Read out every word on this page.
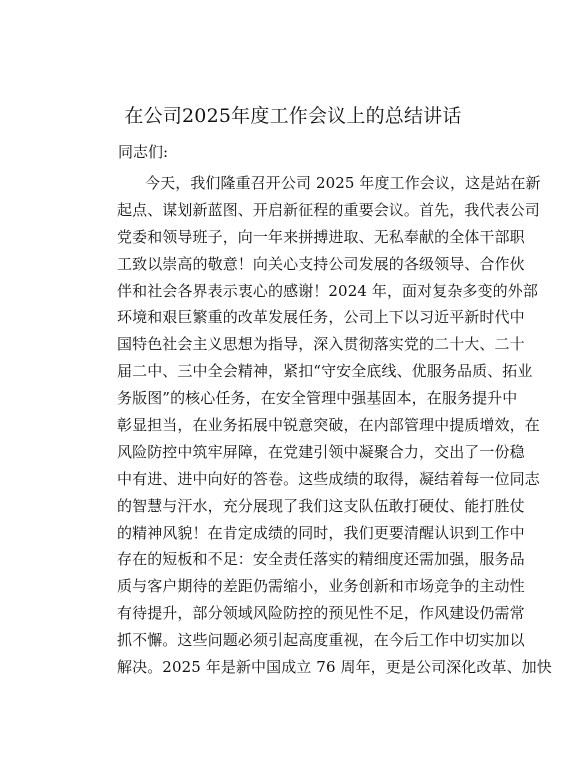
在公司2025年度工作会议上的总结讲话
同志们:
今天，我们隆重召开公司 2025 年度工作会议，这是站在新
起点、谋划新蓝图、开启新征程的重要会议。首先，我代表公司
党委和领导班子，向一年来拼搏进取、无私奉献的全体干部职
工致以崇高的敬意！向关心支持公司发展的各级领导、合作伙
伴和社会各界表示衷心的感谢！2024 年，面对复杂多变的外部
环境和艰巨繁重的改革发展任务，公司上下以习近平新时代中
国特色社会主义思想为指导，深入贯彻落实党的二十大、二十
届二中、三中全会精神，紧扣“守安全底线、优服务品质、拓业
务版图”的核心任务，在安全管理中强基固本，在服务提升中
彰显担当，在业务拓展中锐意突破，在内部管理中提质增效，在
风险防控中筑牢屏障，在党建引领中凝聚合力，交出了一份稳
中有进、进中向好的答卷。这些成绩的取得，凝结着每一位同志
的智慧与汗水，充分展现了我们这支队伍敢打硬仗、能打胜仗
的精神风貌！在肯定成绩的同时，我们更要清醒认识到工作中
存在的短板和不足：安全责任落实的精细度还需加强，服务品
质与客户期待的差距仍需缩小，业务创新和市场竞争的主动性
有待提升，部分领域风险防控的预见性不足，作风建设仍需常
抓不懈。这些问题必须引起高度重视，在今后工作中切实加以
解决。2025 年是新中国成立 76 周年，更是公司深化改革、加快
